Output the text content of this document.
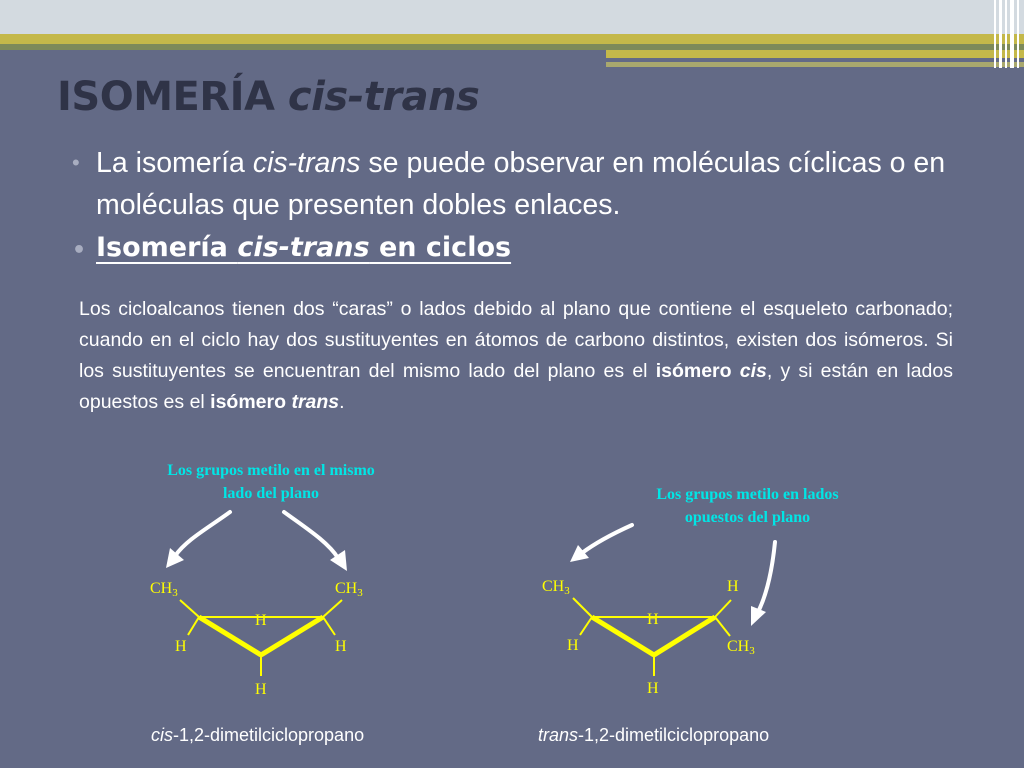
ISOMERÍA cis-trans
• La isomería cis-trans se puede observar en moléculas cíclicas o en moléculas que presenten dobles enlaces.
• Isomería cis-trans en ciclos

Los cicloalcanos tienen dos “caras” o lados debido al plano que contiene el esqueleto carbonado; cuando en el ciclo hay dos sustituyentes en átomos de carbono distintos, existen dos isómeros. Si los sustituyentes se encuentran del mismo lado del plano es el isómero cis, y si están en lados opuestos es el isómero trans.

Los grupos metilo en el mismo
lado del plano	Los grupos metilo en lados
opuestos del plano
$CH_3$	$CH_3$
H
H	H
H
$CH_3$	H
H
H	$CH_3$
H
cis-1,2-dimetilciclopropano	trans-1,2-dimetilciclopropano
